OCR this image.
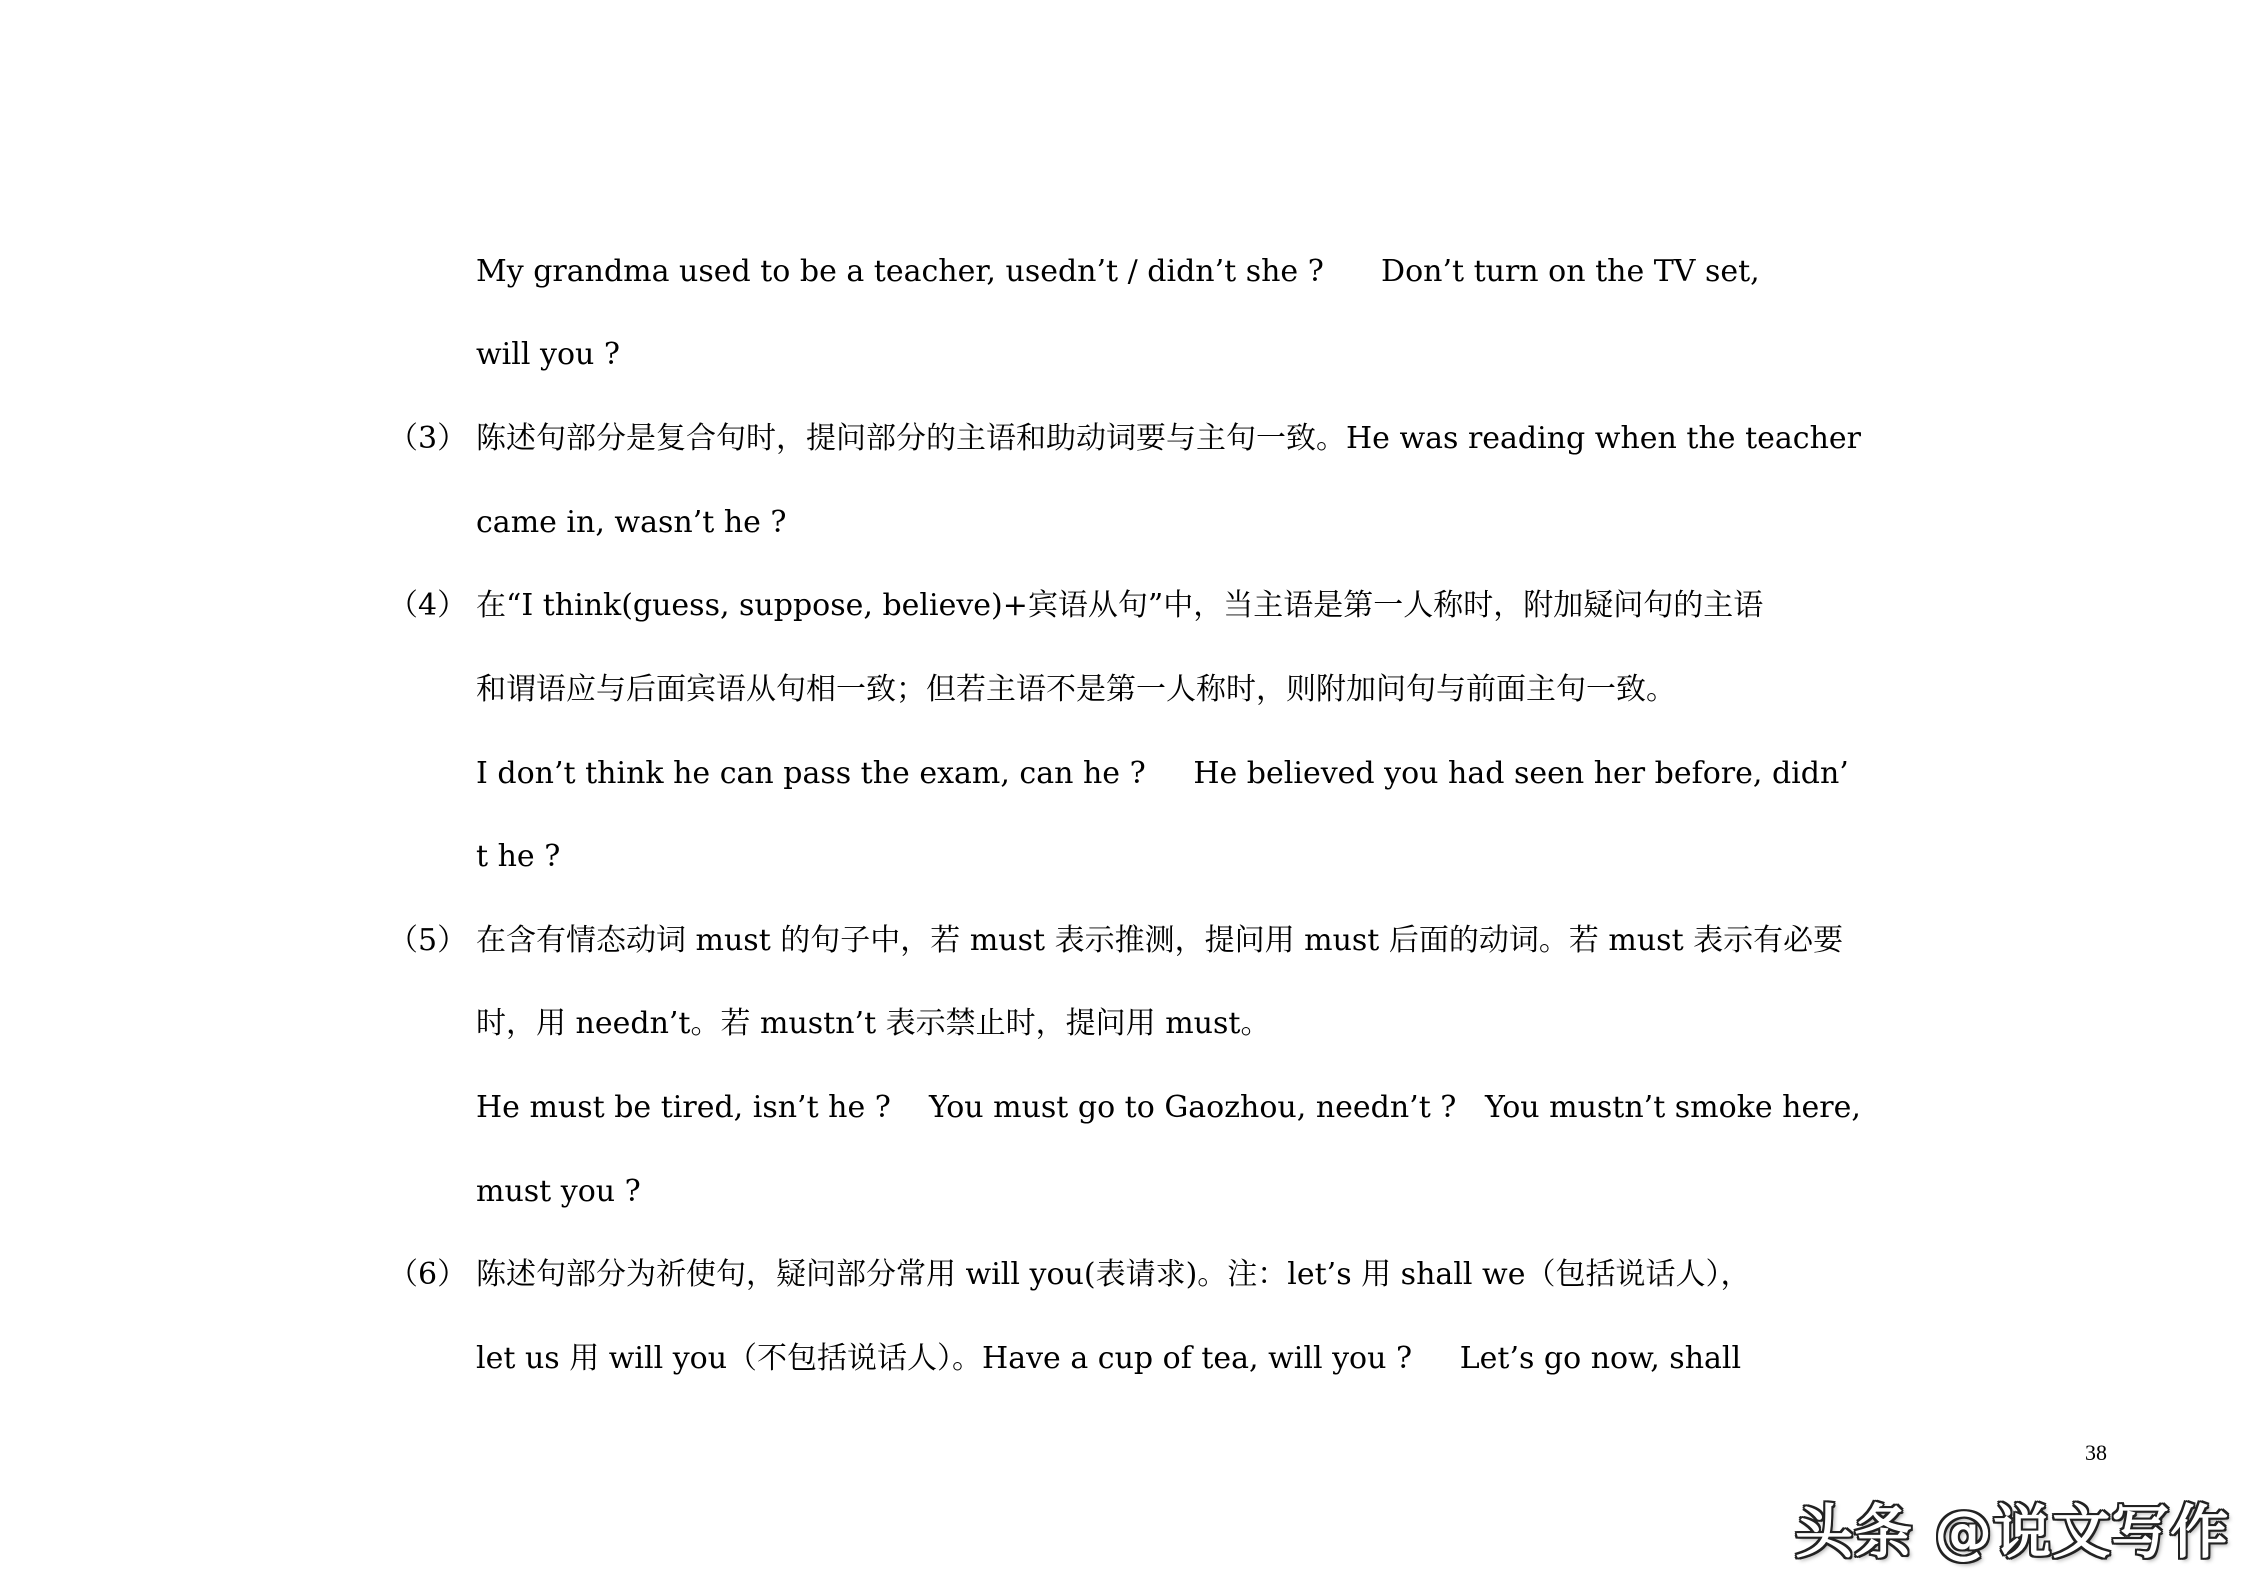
My grandma used to be a teacher, usedn’t / didn’t she ?      Don’t turn on the TV set,

will you ?

（3） 陈述句部分是复合句时，提问部分的主语和助动词要与主句一致。He was reading when the teacher

came in, wasn’t he ?

（4） 在“I think(guess, suppose, believe)+宾语从句”中，当主语是第一人称时，附加疑问句的主语

和谓语应与后面宾语从句相一致；但若主语不是第一人称时，则附加问句与前面主句一致。

I don’t think he can pass the exam, can he ?     He believed you had seen her before, didn’

t he ?

（5） 在含有情态动词 must 的句子中，若 must 表示推测，提问用 must 后面的动词。若 must 表示有必要

时，用 needn’t。若 mustn’t 表示禁止时，提问用 must。

He must be tired, isn’t he ?    You must go to Gaozhou, needn’t ?   You mustn’t smoke here,

must you ?

（6） 陈述句部分为祈使句，疑问部分常用 will you(表请求)。注：let’s 用 shall we（包括说话人），

let us 用 will you（不包括说话人）。Have a cup of tea, will you ?     Let’s go now, shall

38
头条 @说文写作
